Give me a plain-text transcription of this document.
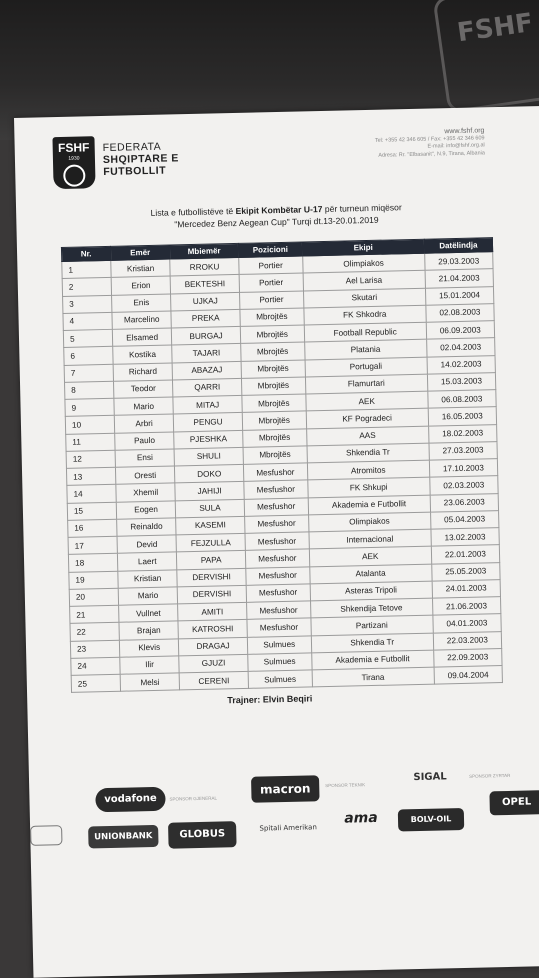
FSHF
FSHF
1930
FEDERATA
SHQIPTARE E
FUTBOLLIT
www.fshf.org
Tel: +355 42 346 605 / Fax: +355 42 346 609
E-mail: info@fshf.org.al
Adresa: Rr. "Elbasanit", N.9, Tirana, Albania
Lista e futbollistëve të Ekipit Kombëtar U-17 për turneun miqësor
"Mercedez Benz Aegean Cup" Turqi dt.13-20.01.2019
Nr.	Emër	Mbiemër	Pozicioni	Ekipi	Datëlindja
1	Kristian	RROKU	Portier	Olimpiakos	29.03.2003
2	Erion	BEKTESHI	Portier	Ael Larisa	21.04.2003
3	Enis	UJKAJ	Portier	Skutari	15.01.2004
4	Marcelino	PREKA	Mbrojtës	FK Shkodra	02.08.2003
5	Elsamed	BURGAJ	Mbrojtës	Football Republic	06.09.2003
6	Kostika	TAJARI	Mbrojtës	Platania	02.04.2003
7	Richard	ABAZAJ	Mbrojtës	Portugali	14.02.2003
8	Teodor	QARRI	Mbrojtës	Flamurtari	15.03.2003
9	Mario	MITAJ	Mbrojtës	AEK	06.08.2003
10	Arbri	PENGU	Mbrojtës	KF Pogradeci	16.05.2003
11	Paulo	PJESHKA	Mbrojtës	AAS	18.02.2003
12	Ensi	SHULI	Mbrojtës	Shkendia Tr	27.03.2003
13	Oresti	DOKO	Mesfushor	Atromitos	17.10.2003
14	Xhemil	JAHIJI	Mesfushor	FK Shkupi	02.03.2003
15	Eogen	SULA	Mesfushor	Akademia e Futbollit	23.06.2003
16	Reinaldo	KASEMI	Mesfushor	Olimpiakos	05.04.2003
17	Devid	FEJZULLA	Mesfushor	Internacional	13.02.2003
18	Laert	PAPA	Mesfushor	AEK	22.01.2003
19	Kristian	DERVISHI	Mesfushor	Atalanta	25.05.2003
20	Mario	DERVISHI	Mesfushor	Asteras Tripoli	24.01.2003
21	Vullnet	AMITI	Mesfushor	Shkendija Tetove	21.06.2003
22	Brajan	KATROSHI	Mesfushor	Partizani	04.01.2003
23	Klevis	DRAGAJ	Sulmues	Shkendia Tr	22.03.2003
24	Ilir	GJUZI	Sulmues	Akademia e Futbollit	22.09.2003
25	Melsi	CERENI	Sulmues	Tirana	09.04.2004
Trajner: Elvin Beqiri
vodafone	SPONSOR GJENERAL
macron	SPONSOR TEKNIK
SIGAL	SPONSOR ZYRTAR
OPEL
UNIONBANK	GLOBUS
Spitali Amerikan
ama	BOLV-OIL
